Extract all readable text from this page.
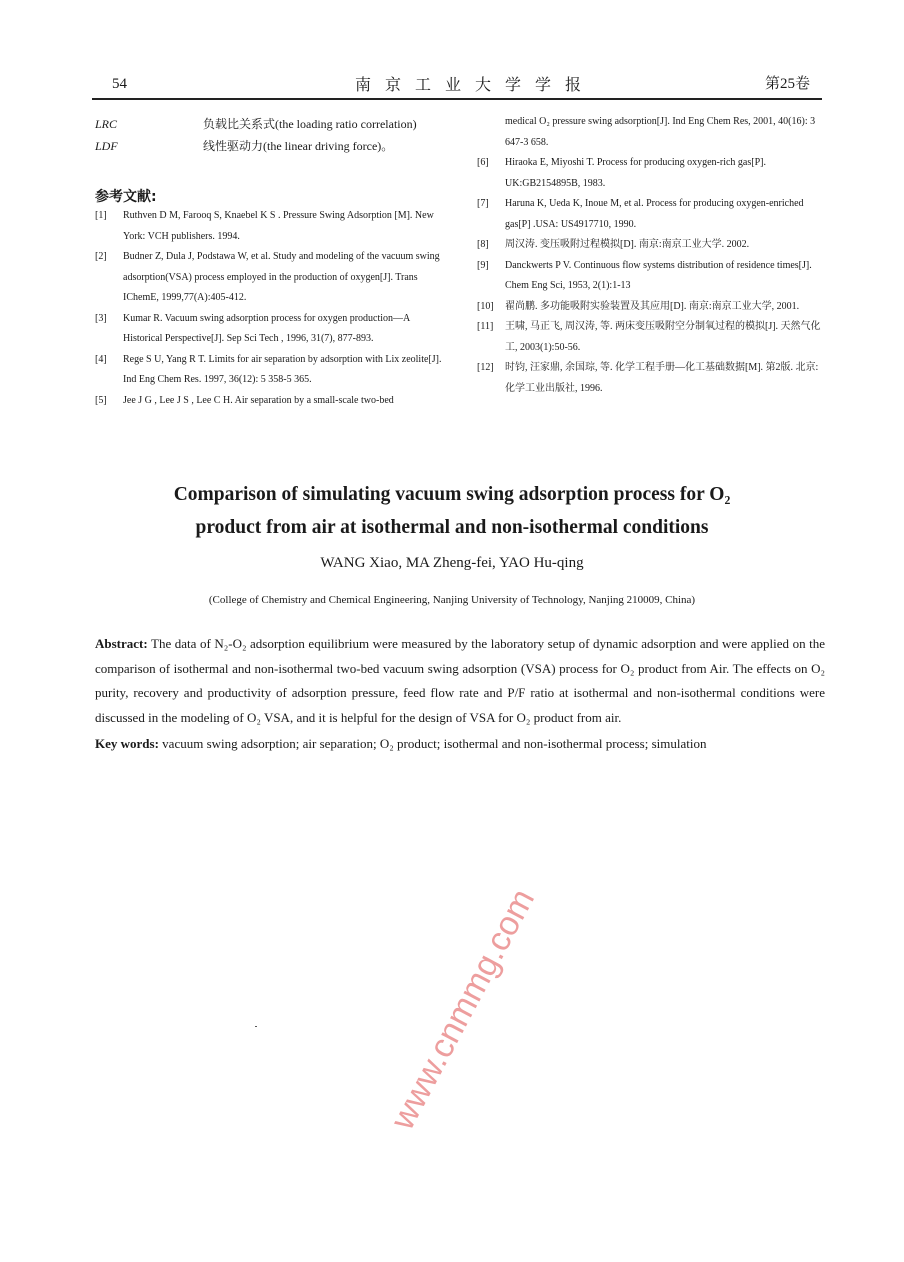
54	南京工业大学学报	第25卷
LRC	负载比关系式(the loading ratio correlation)
LDF	线性驱动力(the linear driving force)。
参考文献:
[1] Ruthven D M, Farooq S, Knaebel K S . Pressure Swing Adsorption [M]. New York: VCH publishers. 1994.
[2] Budner Z, Dula J, Podstawa W, et al. Study and modeling of the vacuum swing adsorption(VSA) process employed in the production of oxygen[J]. Trans IChemE, 1999,77(A):405-412.
[3] Kumar R. Vacuum swing adsorption process for oxygen production—A Historical Perspective[J]. Sep Sci Tech , 1996, 31(7), 877-893.
[4] Rege S U, Yang R T. Limits for air separation by adsorption with Lix zeolite[J]. Ind Eng Chem Res. 1997, 36(12): 5 358-5 365.
[5] Jee J G , Lee J S , Lee C H. Air separation by a small-scale two-bed
medical O₂ pressure swing adsorption[J]. Ind Eng Chem Res, 2001, 40(16): 3 647-3 658.
[6] Hiraoka E, Miyoshi T. Process for producing oxygen-rich gas[P]. UK:GB2154895B, 1983.
[7] Haruna K, Ueda K, Inoue M, et al. Process for producing oxygen-enriched gas[P] .USA: US4917710, 1990.
[8] 周汉涛. 变压吸附过程模拟[D]. 南京:南京工业大学. 2002.
[9] Danckwerts P V. Continuous flow systems distribution of residence times[J]. Chem Eng Sci, 1953, 2(1):1-13
[10] 翟尚鹏. 多功能吸附实验装置及其应用[D]. 南京:南京工业大学, 2001.
[11] 王啸, 马正飞, 周汉涛, 等. 两床变压吸附空分制氧过程的模拟[J]. 天然气化工, 2003(1):50-56.
[12] 时钧, 汪家鼎, 余国琮, 等. 化学工程手册—化工基础数据[M]. 第2版. 北京: 化学工业出版社, 1996.
Comparison of simulating vacuum swing adsorption process for O₂
product from air at isothermal and non-isothermal conditions
WANG Xiao, MA Zheng-fei, YAO Hu-qing
(College of Chemistry and Chemical Engineering, Nanjing University of Technology, Nanjing 210009, China)
Abstract: The data of N₂-O₂ adsorption equilibrium were measured by the laboratory setup of dynamic adsorption and were applied on the comparison of isothermal and non-isothermal two-bed vacuum swing adsorption (VSA) process for O₂ product from Air. The effects on O₂ purity, recovery and productivity of adsorption pressure, feed flow rate and P/F ratio at isothermal and non-isothermal conditions were discussed in the modeling of O₂ VSA, and it is helpful for the design of VSA for O₂ product from air.
Key words: vacuum swing adsorption; air separation; O₂ product; isothermal and non-isothermal process; simulation
www.cnmmg.com
